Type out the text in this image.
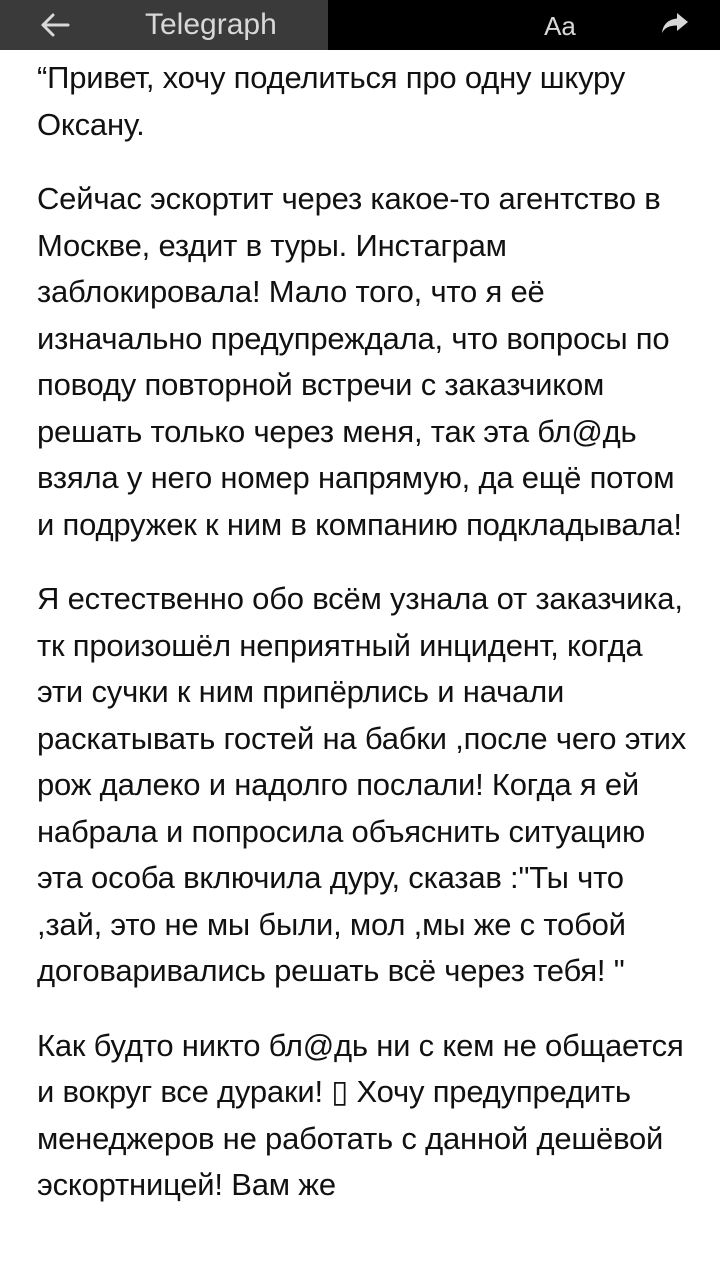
Telegraph	Aa

“Привет, хочу поделиться про одну шкуру Оксану.

Сейчас эскортит через какое-то агентство в Москве, ездит в туры. Инстаграм заблокировала! Мало того, что я её изначально предупреждала, что вопросы по поводу повторной встречи с заказчиком решать только через меня, так эта бл@дь взяла у него номер напрямую, да ещё потом и подружек к ним в компанию подкладывала!

Я естественно обо всём узнала от заказчика, тк произошёл неприятный инцидент, когда эти сучки к ним припёрлись и начали раскатывать гостей на бабки ,после чего этих рож далеко и надолго послали! Когда я ей набрала и попросила объяснить ситуацию эта особа включила дуру, сказав :"Ты что ,зай, это не мы были, мол ,мы же с тобой договаривались решать всё через тебя! "

Как будто никто бл@дь ни с кем не общается и вокруг все дураки! ▯ Хочу предупредить менеджеров не работать с данной дешёвой эскортницей! Вам же
